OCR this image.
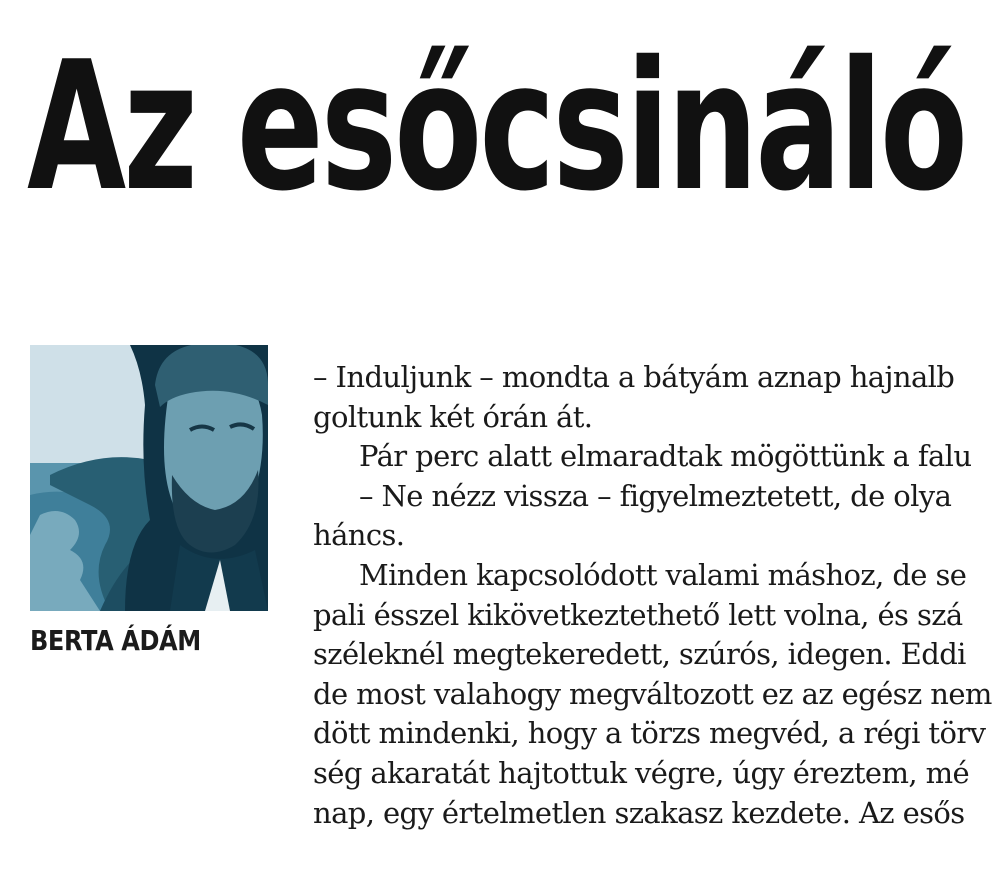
Az esőcsináló
BERTA ÁDÁM

– Induljunk – mondta a bátyám aznap hajnalb

goltunk két órán át.

Pár perc alatt elmaradtak mögöttünk a falu

– Ne nézz vissza – figyelmeztetett, de olya

háncs.

Minden kapcsolódott valami máshoz, de se

pali ésszel kikövetkeztethető lett volna, és szá

széleknél megtekeredett, szúrós, idegen. Eddi

de most valahogy megváltozott ez az egész nem

dött mindenki, hogy a törzs megvéd, a régi törv

ség akaratát hajtottuk végre, úgy éreztem, mé

nap, egy értelmetlen szakasz kezdete. Az esős
